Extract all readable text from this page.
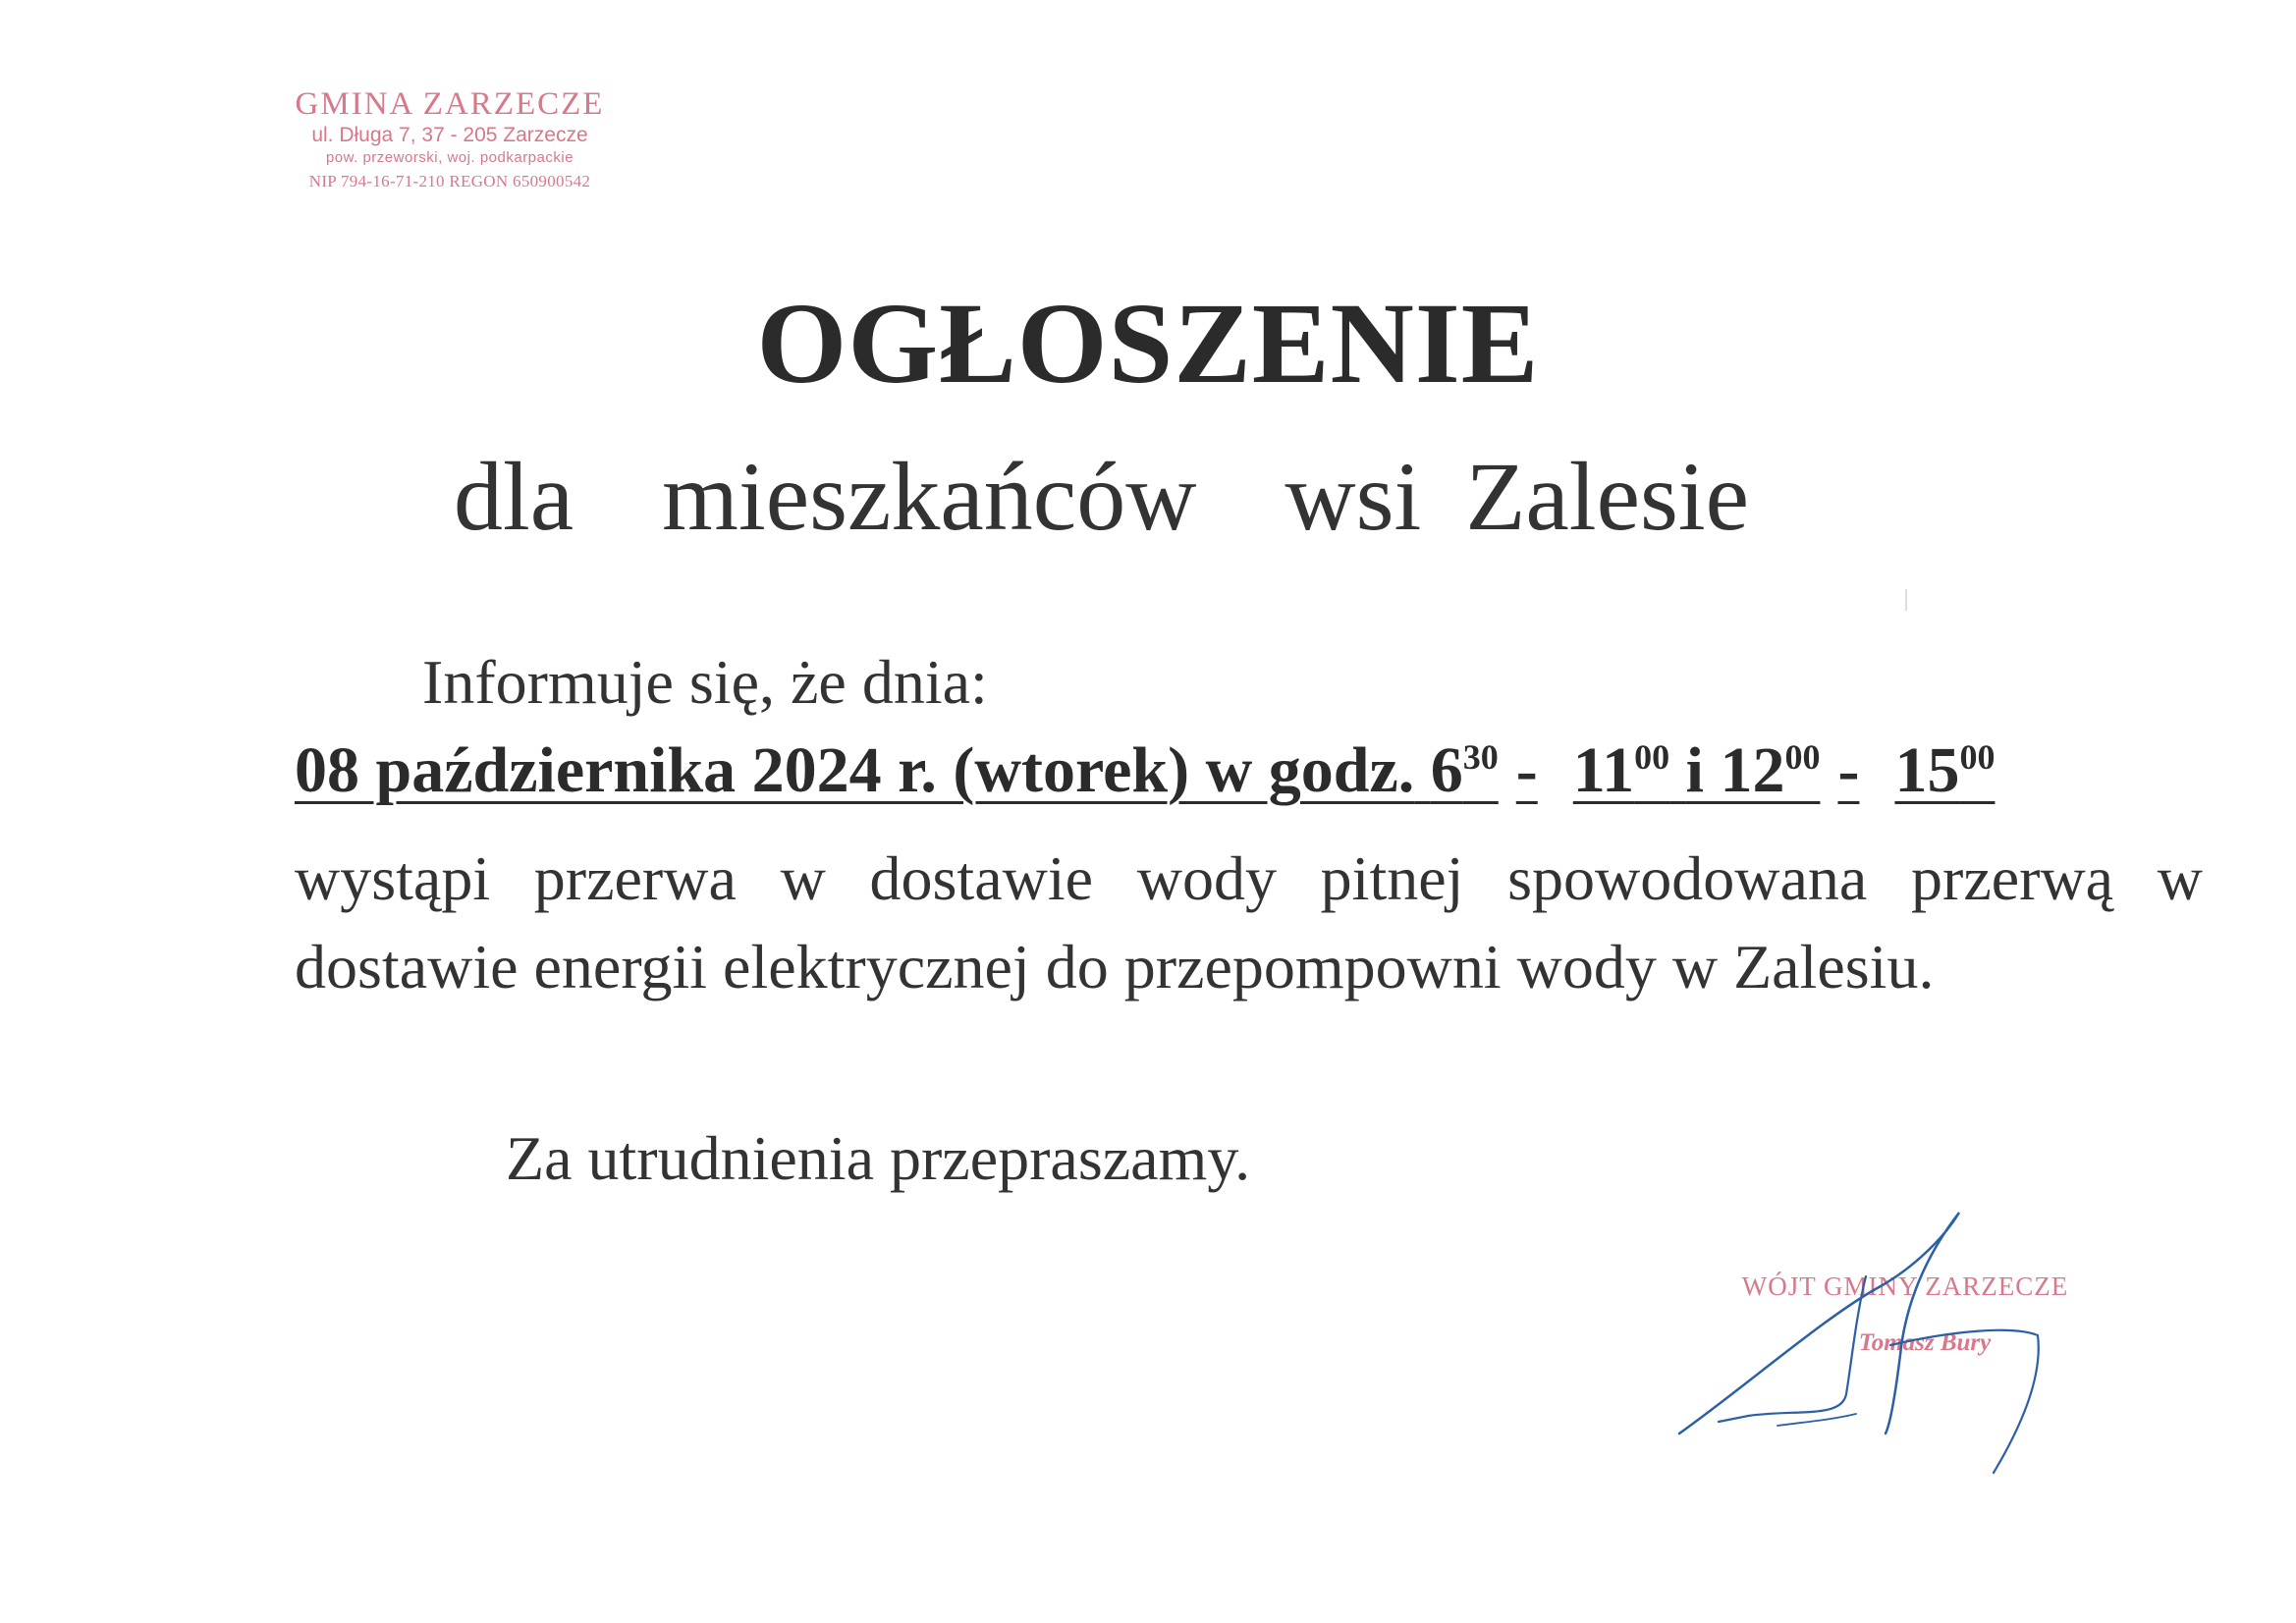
GMINA ZARZECZE
ul. Długa 7, 37 - 205 Zarzecze
pow. przeworski, woj. podkarpackie
NIP 794-16-71-210 REGON 650900542
OGŁOSZENIE
dla  mieszkańców  wsi Zalesie
Informuje się, że dnia:
08 października 2024 r. (wtorek) w godz. $6^{30} - 11^{00}$ i $12^{00} - 15^{00}$
wystąpi przerwa w dostawie wody pitnej spowodowana przerwą w dostawie energii elektrycznej do przepompowni wody w Zalesiu.
Za utrudnienia przepraszamy.
WÓJT GMINY ZARZECZE
Tomasz Bury
